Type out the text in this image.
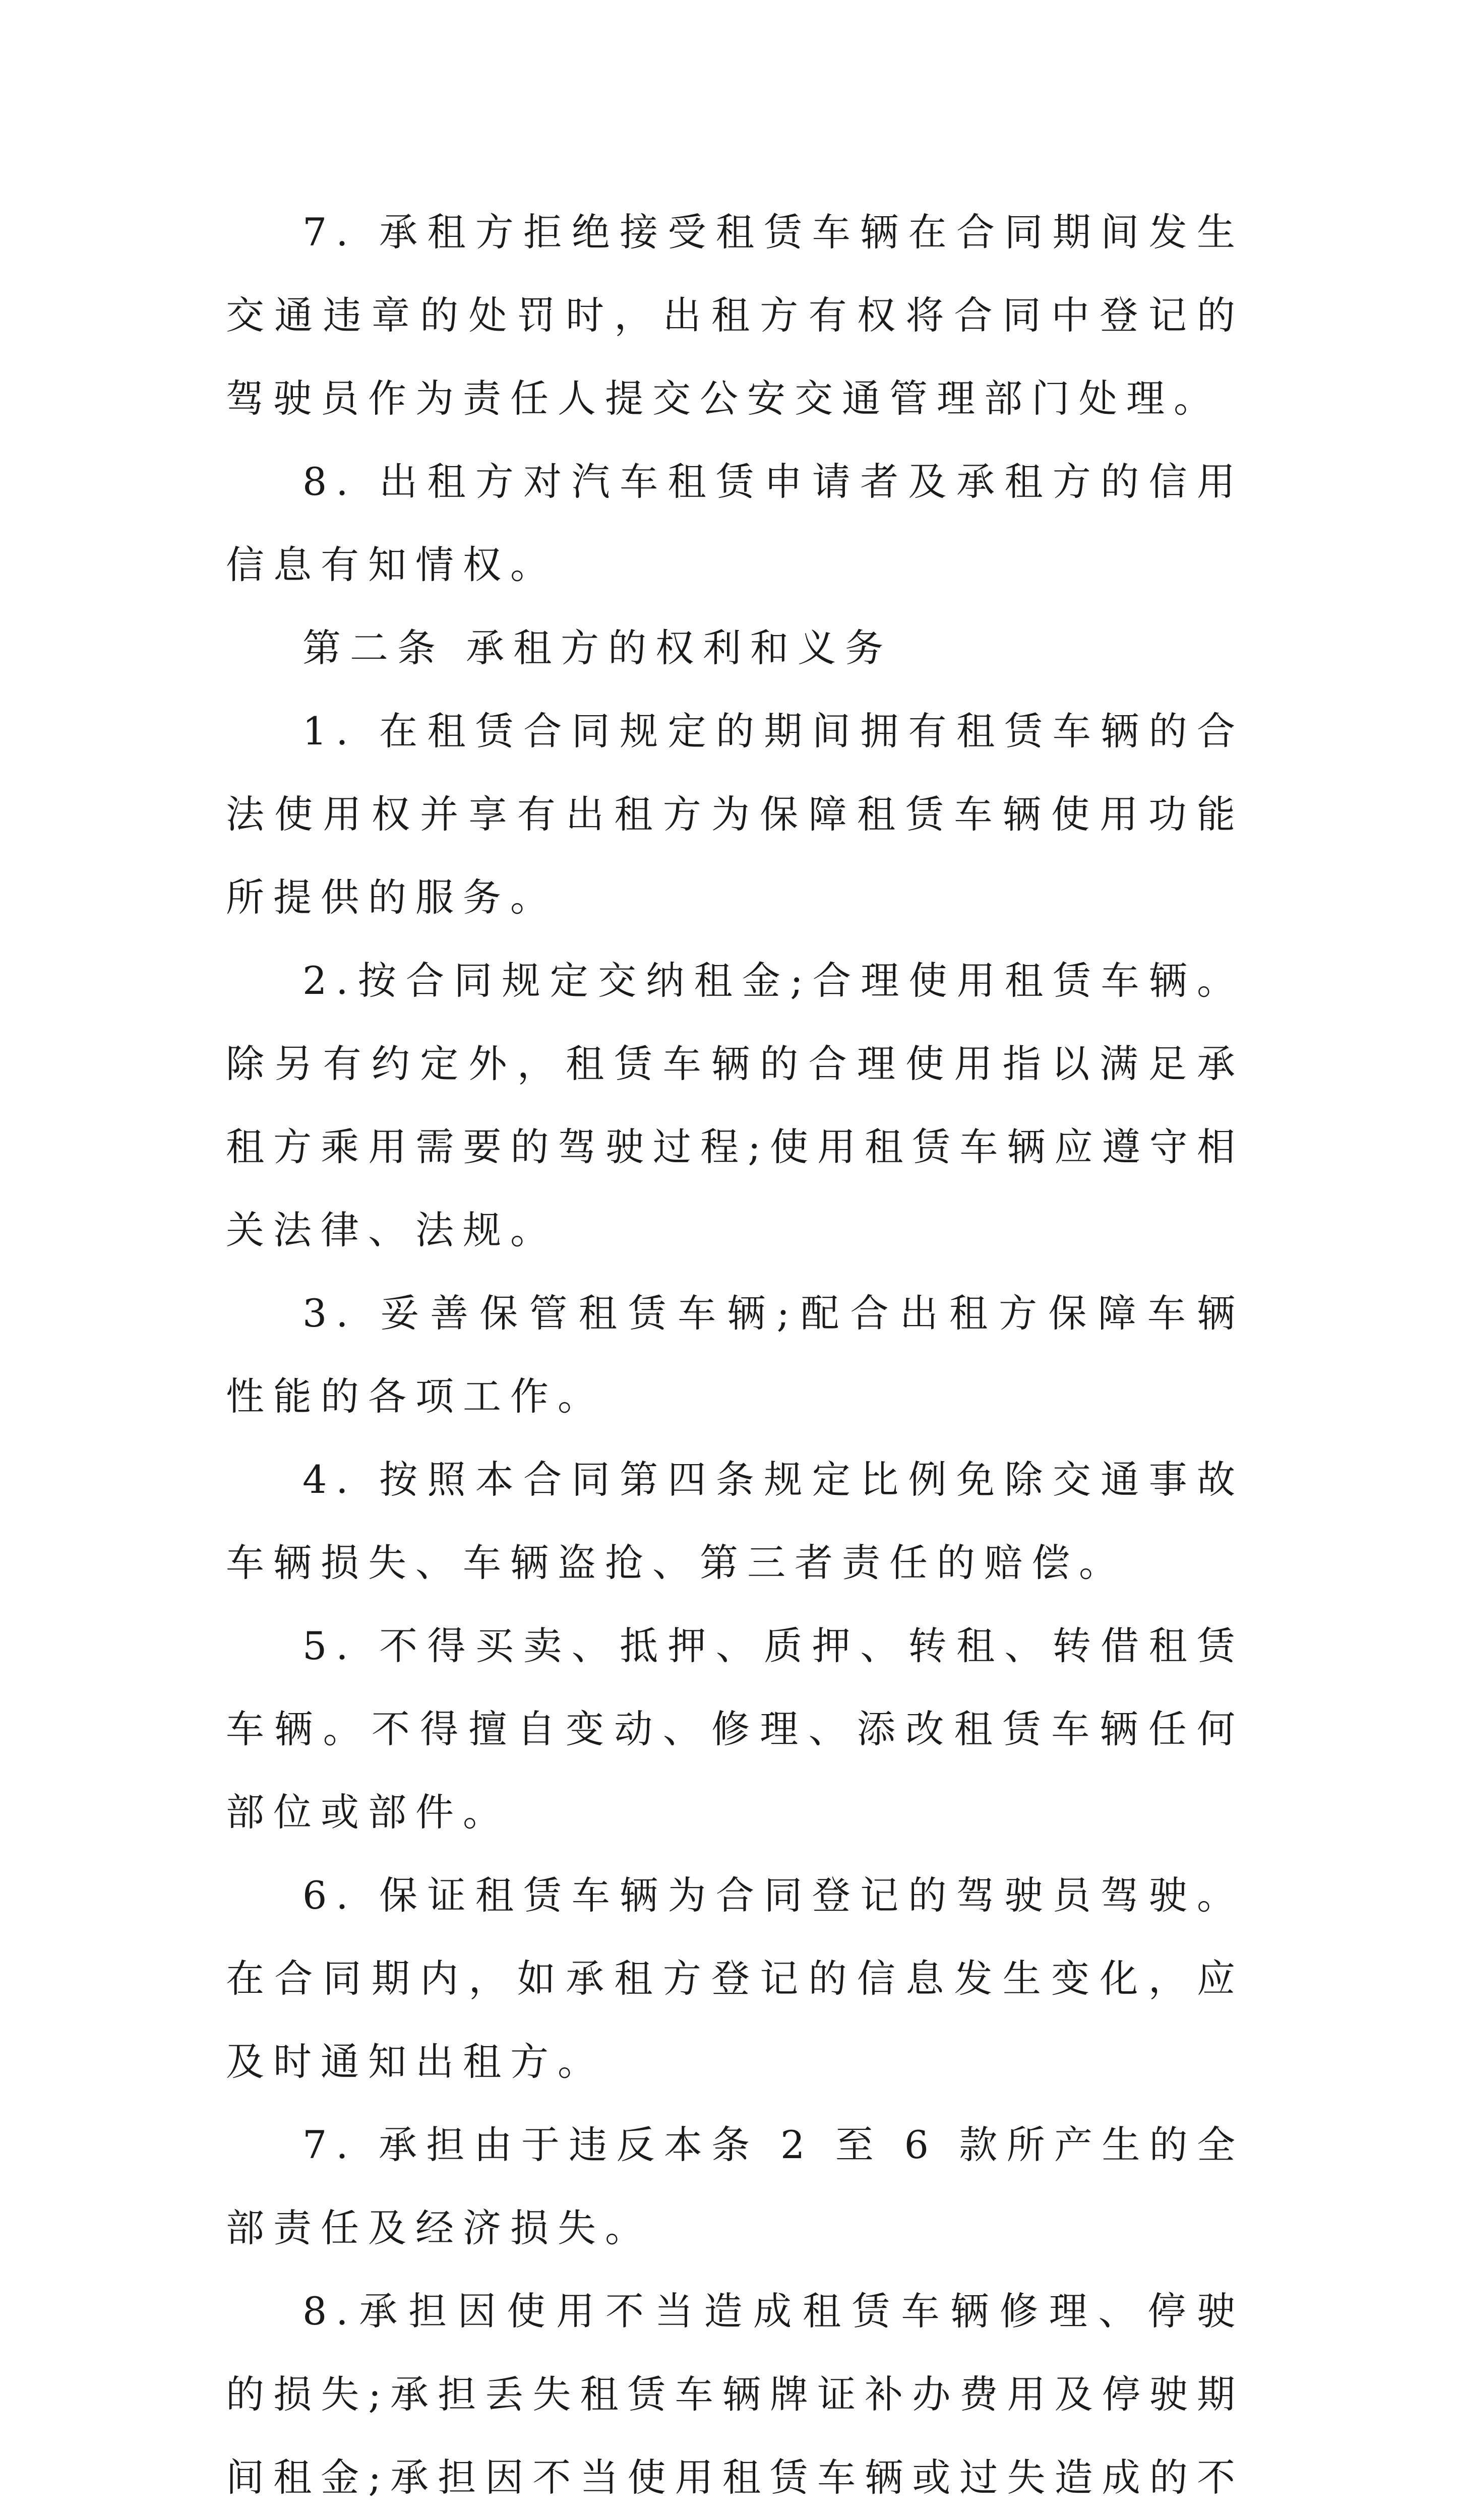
7. 承租方拒绝接受租赁车辆在合同期间发生交通违章的处罚时，出租方有权将合同中登记的驾驶员作为责任人提交公安交通管理部门处理。

8. 出租方对汽车租赁申请者及承租方的信用信息有知情权。

第二条 承租方的权利和义务

1. 在租赁合同规定的期间拥有租赁车辆的合法使用权并享有出租方为保障租赁车辆使用功能所提供的服务。

2.按合同规定交纳租金;合理使用租赁车辆。除另有约定外，租赁车辆的合理使用指以满足承租方乘用需要的驾驶过程;使用租赁车辆应遵守相关法律、法规。

3. 妥善保管租赁车辆;配合出租方保障车辆性能的各项工作。

4. 按照本合同第四条规定比例免除交通事故车辆损失、车辆盗抢、第三者责任的赔偿。

5. 不得买卖、抵押、质押、转租、转借租赁车辆。不得擅自变动、修理、添改租赁车辆任何部位或部件。

6. 保证租赁车辆为合同登记的驾驶员驾驶。在合同期内，如承租方登记的信息发生变化，应及时通知出租方。

7. 承担由于违反本条 2 至 6 款所产生的全部责任及经济损失。

8.承担因使用不当造成租赁车辆修理、停驶的损失;承担丢失租赁车辆牌证补办费用及停驶期间租金;承担因不当使用租赁车辆或过失造成的不
